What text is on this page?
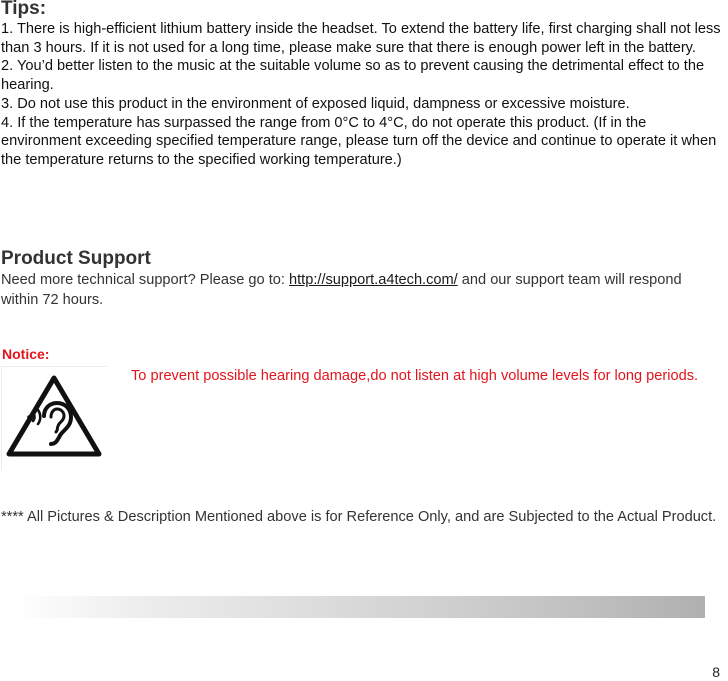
Tips:

1. There is high-efficient lithium battery inside the headset. To extend the battery life, first charging shall not less than 3 hours. If it is not used for a long time, please make sure that there is enough power left in the battery.

2. You’d better listen to the music at the suitable volume so as to prevent causing the detrimental effect to the hearing.

3. Do not use this product in the environment of exposed liquid, dampness or excessive moisture.

4. If the temperature has surpassed the range from 0°C to 4°C, do not operate this product. (If in the environment exceeding specified temperature range, please turn off the device and continue to operate it when the temperature returns to the specified working temperature.)

Product Support
Need more technical support? Please go to: http://support.a4tech.com/ and our support team will respond within 72 hours.
Notice:
To prevent possible hearing damage,do not listen at high volume levels for long periods.
**** All Pictures & Description Mentioned above is for Reference Only, and are Subjected to the Actual Product.
8
